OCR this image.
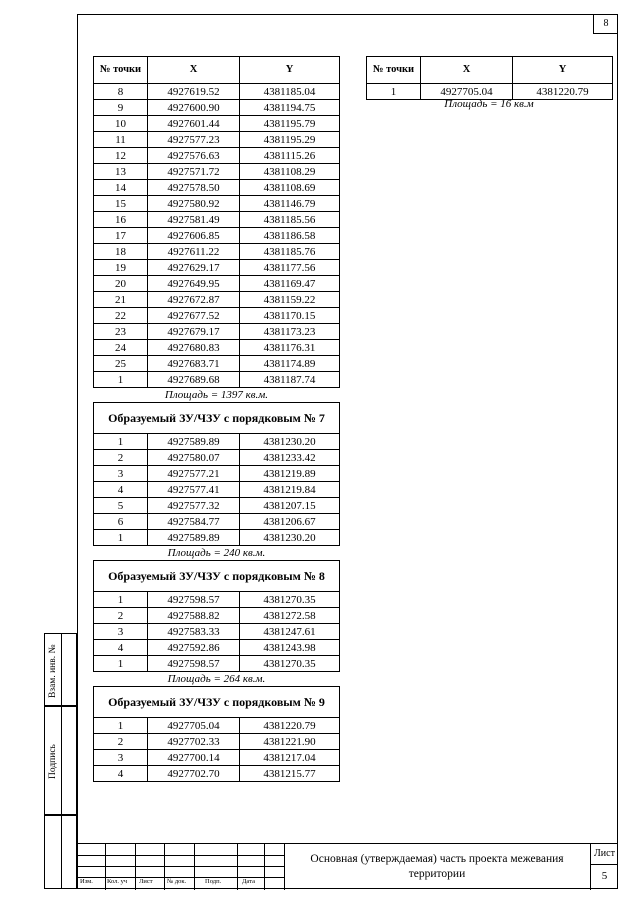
8
Взам. инв. №
Подпись
№ точки	X	Y
8	4927619.52	4381185.04
9	4927600.90	4381194.75
10	4927601.44	4381195.79
11	4927577.23	4381195.29
12	4927576.63	4381115.26
13	4927571.72	4381108.29
14	4927578.50	4381108.69
15	4927580.92	4381146.79
16	4927581.49	4381185.56
17	4927606.85	4381186.58
18	4927611.22	4381185.76
19	4927629.17	4381177.56
20	4927649.95	4381169.47
21	4927672.87	4381159.22
22	4927677.52	4381170.15
23	4927679.17	4381173.23
24	4927680.83	4381176.31
25	4927683.71	4381174.89
1	4927689.68	4381187.74
Площадь = 1397 кв.м.		
Образуемый ЗУ/ЧЗУ с порядковым № 7		
1	4927589.89	4381230.20
2	4927580.07	4381233.42
3	4927577.21	4381219.89
4	4927577.41	4381219.84
5	4927577.32	4381207.15
6	4927584.77	4381206.67
1	4927589.89	4381230.20
Площадь = 240 кв.м.		
Образуемый ЗУ/ЧЗУ с порядковым № 8		
1	4927598.57	4381270.35
2	4927588.82	4381272.58
3	4927583.33	4381247.61
4	4927592.86	4381243.98
1	4927598.57	4381270.35
Площадь = 264 кв.м.		
Образуемый ЗУ/ЧЗУ с порядковым № 9		
1	4927705.04	4381220.79
2	4927702.33	4381221.90
3	4927700.14	4381217.04
4	4927702.70	4381215.77
№ точки	X	Y
1	4927705.04	4381220.79
Площадь = 16 кв.м
Изм. Кол. уч Лист № док.	Подп.	Дата
Основная (утверждаемая) часть проекта межевания территории
Лист
5
